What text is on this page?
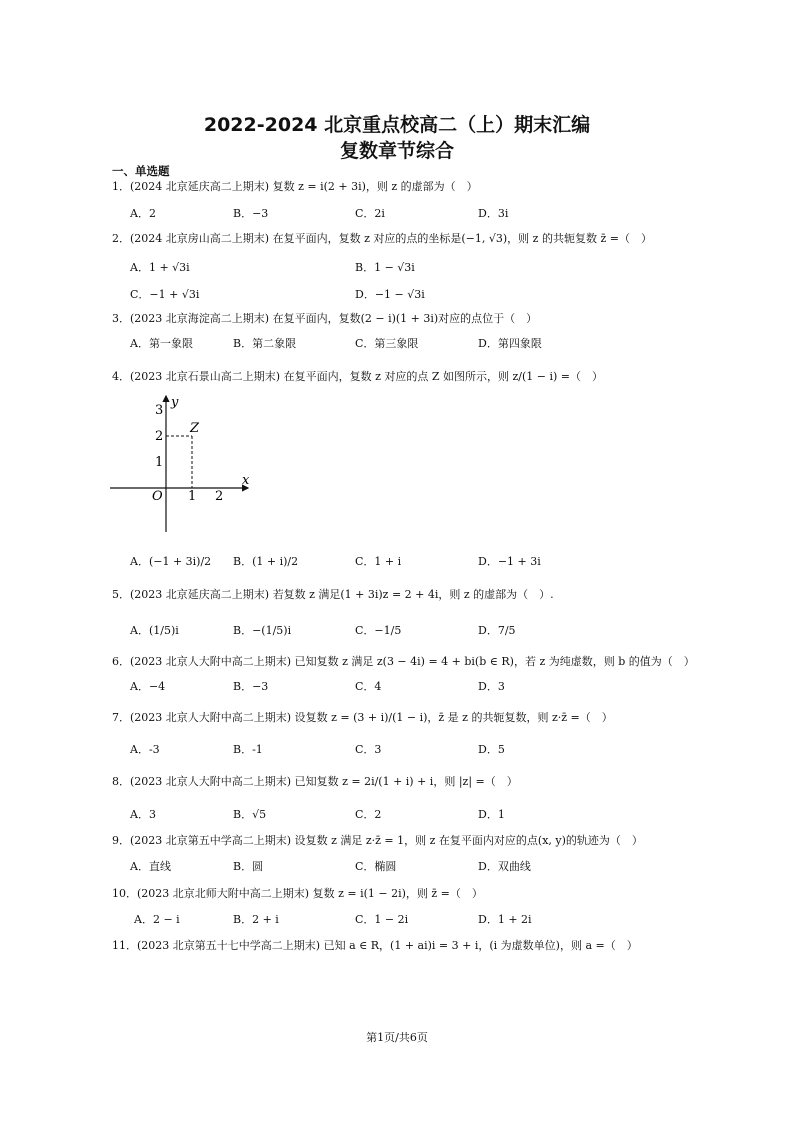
2022-2024 北京重点校高二（上）期末汇编
复数章节综合
一、单选题
1．(2024 北京延庆高二上期末) 复数 z = i(2 + 3i)，则 z 的虚部为（　）
A．2	B．−3	C．2i	D．3i
2．(2024 北京房山高二上期末) 在复平面内，复数 z 对应的点的坐标是(−1, √3)，则 z 的共轭复数 z̄ =（　）
A．1 + √3i	B．1 − √3i
C．−1 + √3i	D．−1 − √3i
3．(2023 北京海淀高二上期末) 在复平面内，复数(2 − i)(1 + 3i)对应的点位于（　）
A．第一象限	B．第二象限	C．第三象限	D．第四象限
4．(2023 北京石景山高二上期末) 在复平面内，复数 z 对应的点 Z 如图所示，则 z/(1 − i) =（　）
x
y
O
Z
1 2
1
2
3
A．(−1 + 3i)/2 B．(1 + i)/2	C．1 + i	D．−1 + 3i
5．(2023 北京延庆高二上期末) 若复数 z 满足(1 + 3i)z = 2 + 4i，则 z 的虚部为（　）.
A．(1/5)i	B．−(1/5)i	C．−1/5	D．7/5
6．(2023 北京人大附中高二上期末) 已知复数 z 满足 z(3 − 4i) = 4 + bi(b ∈ R)，若 z 为纯虚数，则 b 的值为（　）
A．−4	B．−3	C．4	D．3
7．(2023 北京人大附中高二上期末) 设复数 z = (3 + i)/(1 − i)，z̄ 是 z 的共轭复数，则 z·z̄ =（　）
A．-3	B．-1	C．3	D．5
8．(2023 北京人大附中高二上期末) 已知复数 z = 2i/(1 + i) + i，则 |z| =（　）
A．3	B．√5	C．2	D．1
9．(2023 北京第五中学高二上期末) 设复数 z 满足 z·z̄ = 1，则 z 在复平面内对应的点(x, y)的轨迹为（　）
A．直线	B．圆	C．椭圆	D．双曲线
10．(2023 北京北师大附中高二上期末) 复数 z = i(1 − 2i)，则 z̄ =（　）
A．2 − i	B．2 + i	C．1 − 2i	D．1 + 2i
11．(2023 北京第五十七中学高二上期末) 已知 a ∈ R，(1 + ai)i = 3 + i，(i 为虚数单位)，则 a =（　）
第1页/共6页
